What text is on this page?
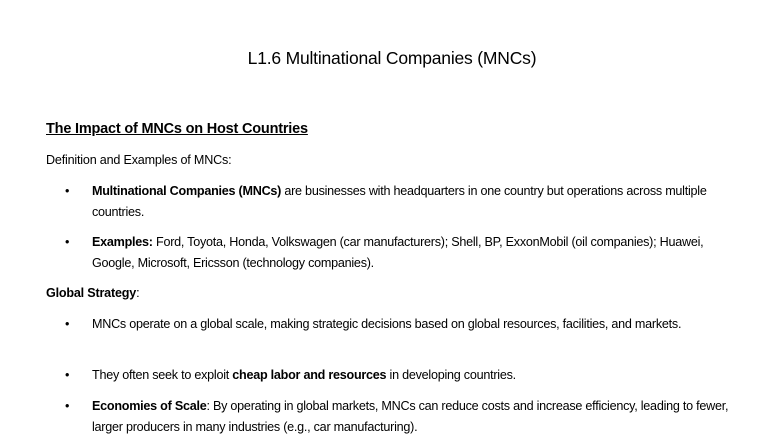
L1.6 Multinational Companies (MNCs)
The Impact of MNCs on Host Countries
Definition and Examples of MNCs:
• Multinational Companies (MNCs) are businesses with headquarters in one country but operations across multiple countries.
• Examples: Ford, Toyota, Honda, Volkswagen (car manufacturers); Shell, BP, ExxonMobil (oil companies); Huawei, Google, Microsoft, Ericsson (technology companies).
Global Strategy:
• MNCs operate on a global scale, making strategic decisions based on global resources, facilities, and markets.
• They often seek to exploit cheap labor and resources in developing countries.
• Economies of Scale: By operating in global markets, MNCs can reduce costs and increase efficiency, leading to fewer, larger producers in many industries (e.g., car manufacturing).
